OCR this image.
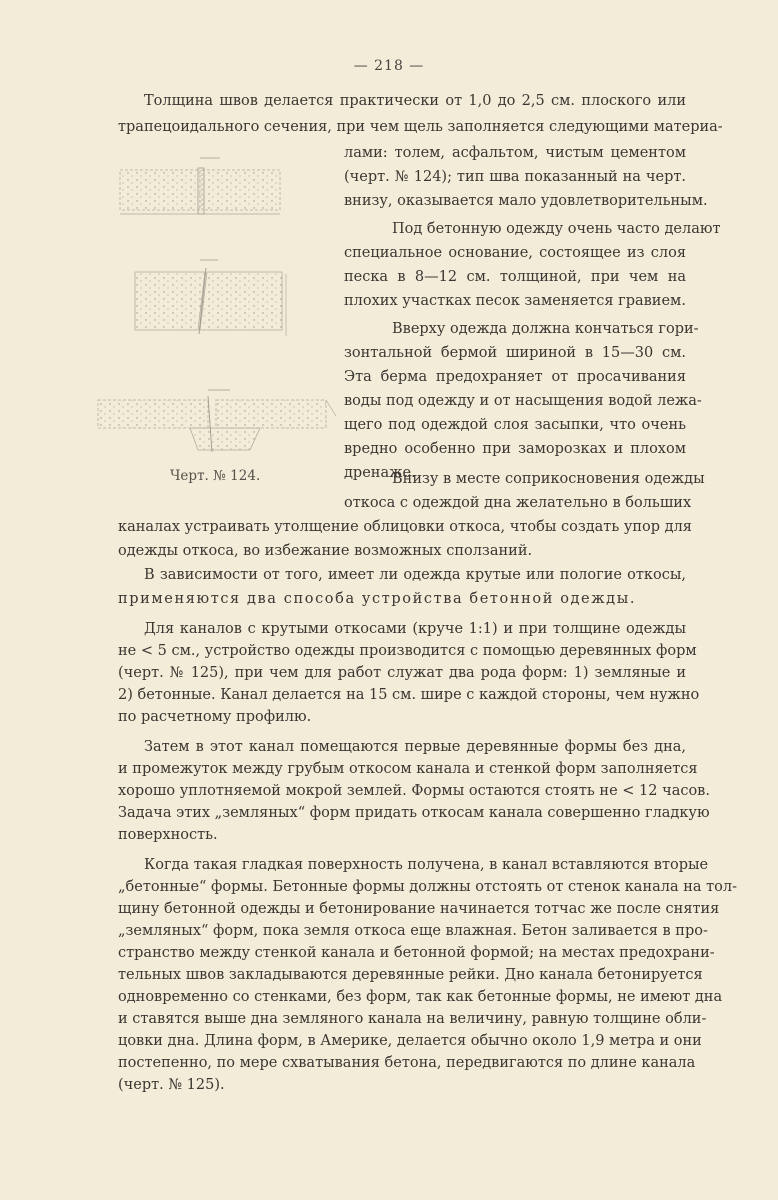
— 218 —
Толщина швов делается практически от 1,0 до 2,5 см. плоского или
трапецоидального сечения, при чем щель заполняется следующими материа-
лами: толем, асфальтом, чистым цементом
(черт. № 124); тип шва показанный на черт.
внизу, оказывается мало удовлетворительным.
Под бетонную одежду очень часто делают
специальное основание, состоящее из слоя
песка в 8—12 см. толщиной, при чем на
плохих участках песок заменяется гравием.
Вверху одежда должна кончаться гори-
зонтальной бермой шириной в 15—30 см.
Эта берма предохраняет от просачивания
воды под одежду и от насыщения водой лежа-
щего под одеждой слоя засыпки, что очень
вредно особенно при заморозках и плохом
дренаже.
Внизу в месте соприкосновения одежды
откоса с одеждой дна желательно в больших
каналах устраивать утолщение облицовки откоса, чтобы создать упор для
одежды откоса, во избежание возможных сползаний.
В зависимости от того, имеет ли одежда крутые или пологие откосы,
применяются два способа устройства бетонной одежды.
Для каналов с крутыми откосами (круче 1:1) и при толщине одежды
не < 5 см., устройство одежды производится с помощью деревянных форм
(черт. № 125), при чем для работ служат два рода форм: 1) земляные и
2) бетонные. Канал делается на 15 см. шире с каждой стороны, чем нужно
по расчетному профилю.
Затем в этот канал помещаются первые деревянные формы без дна,
и промежуток между грубым откосом канала и стенкой форм заполняется
хорошо уплотняемой мокрой землей. Формы остаются стоять не < 12 часов.
Задача этих „земляных“ форм придать откосам канала совершенно гладкую
поверхность.
Когда такая гладкая поверхность получена, в канал вставляются вторые
„бетонные“ формы. Бетонные формы должны отстоять от стенок канала на тол-
щину бетонной одежды и бетонирование начинается тотчас же после снятия
„земляных“ форм, пока земля откоса еще влажная. Бетон заливается в про-
странство между стенкой канала и бетонной формой; на местах предохрани-
тельных швов закладываются деревянные рейки. Дно канала бетонируется
одновременно со стенками, без форм, так как бетонные формы, не имеют дна
и ставятся выше дна земляного канала на величину, равную толщине обли-
цовки дна. Длина форм, в Америке, делается обычно около 1,9 метра и они
постепенно, по мере схватывания бетона, передвигаются по длине канала
(черт. № 125).
Черт. № 124.
